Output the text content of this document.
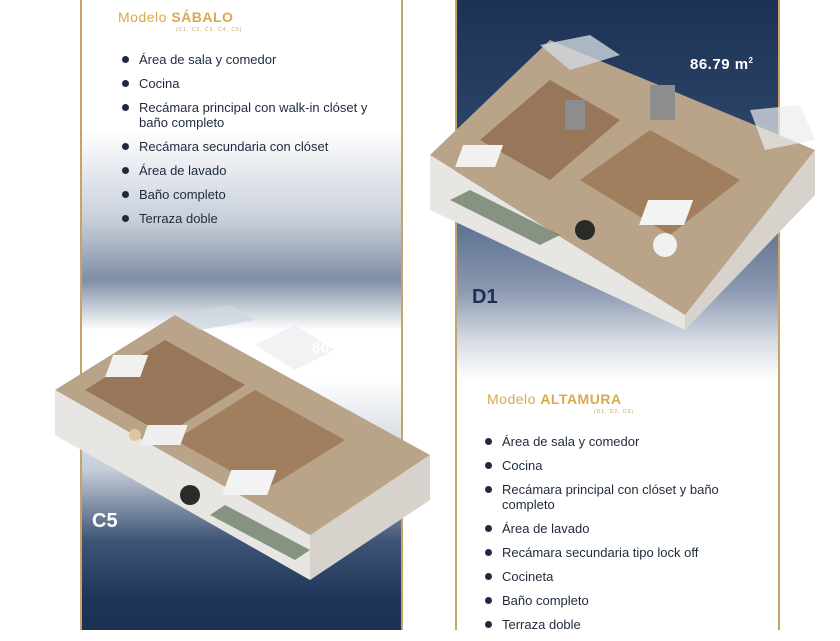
Modelo SÁBALO
(C1, C2, C3, C4, C5)
Área de sala y comedor
Cocina
Recámara principal con walk-in clóset y baño completo
Recámara secundaria con clóset
Área de lavado
Baño completo
Terraza doble
80.69 $m^2$
C5
86.79 $m^2$
D1
Modelo ALTAMURA
(D1, D2, D3)
Área de sala y comedor
Cocina
Recámara principal con clóset y baño completo
Área de lavado
Recámara secundaria tipo lock off
Cocineta
Baño completo
Terraza doble
